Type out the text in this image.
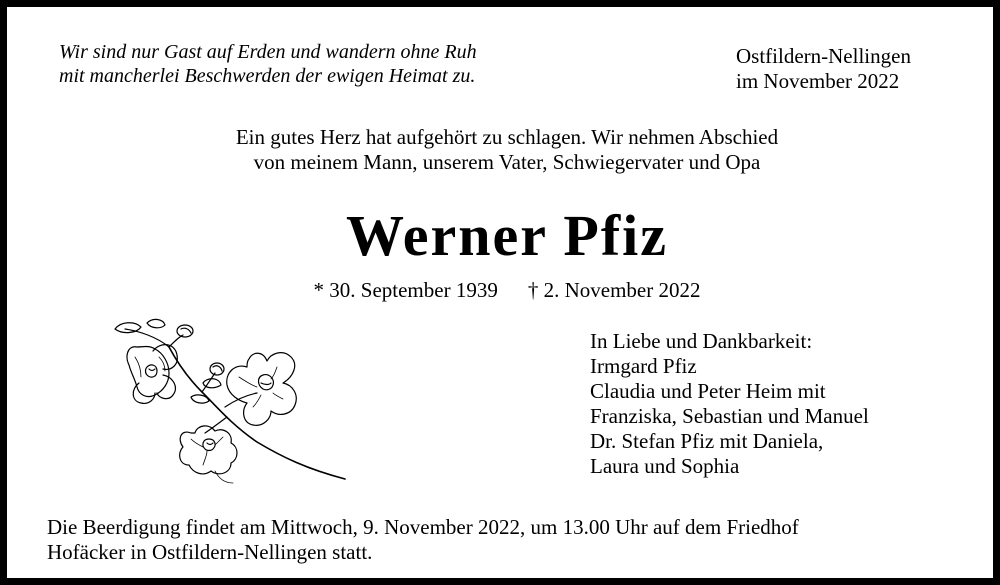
Wir sind nur Gast auf Erden und wandern ohne Ruh
mit mancherlei Beschwerden der ewigen Heimat zu.
Ostfildern-Nellingen
im November 2022
Ein gutes Herz hat aufgehört zu schlagen. Wir nehmen Abschied
von meinem Mann, unserem Vater, Schwiegervater und Opa
Werner Pfiz
* 30. September 1939 † 2. November 2022
In Liebe und Dankbarkeit:
Irmgard Pfiz
Claudia und Peter Heim mit
Franziska, Sebastian und Manuel
Dr. Stefan Pfiz mit Daniela,
Laura und Sophia
Die Beerdigung findet am Mittwoch, 9. November 2022, um 13.00 Uhr auf dem Friedhof
Hofäcker in Ostfildern-Nellingen statt.
